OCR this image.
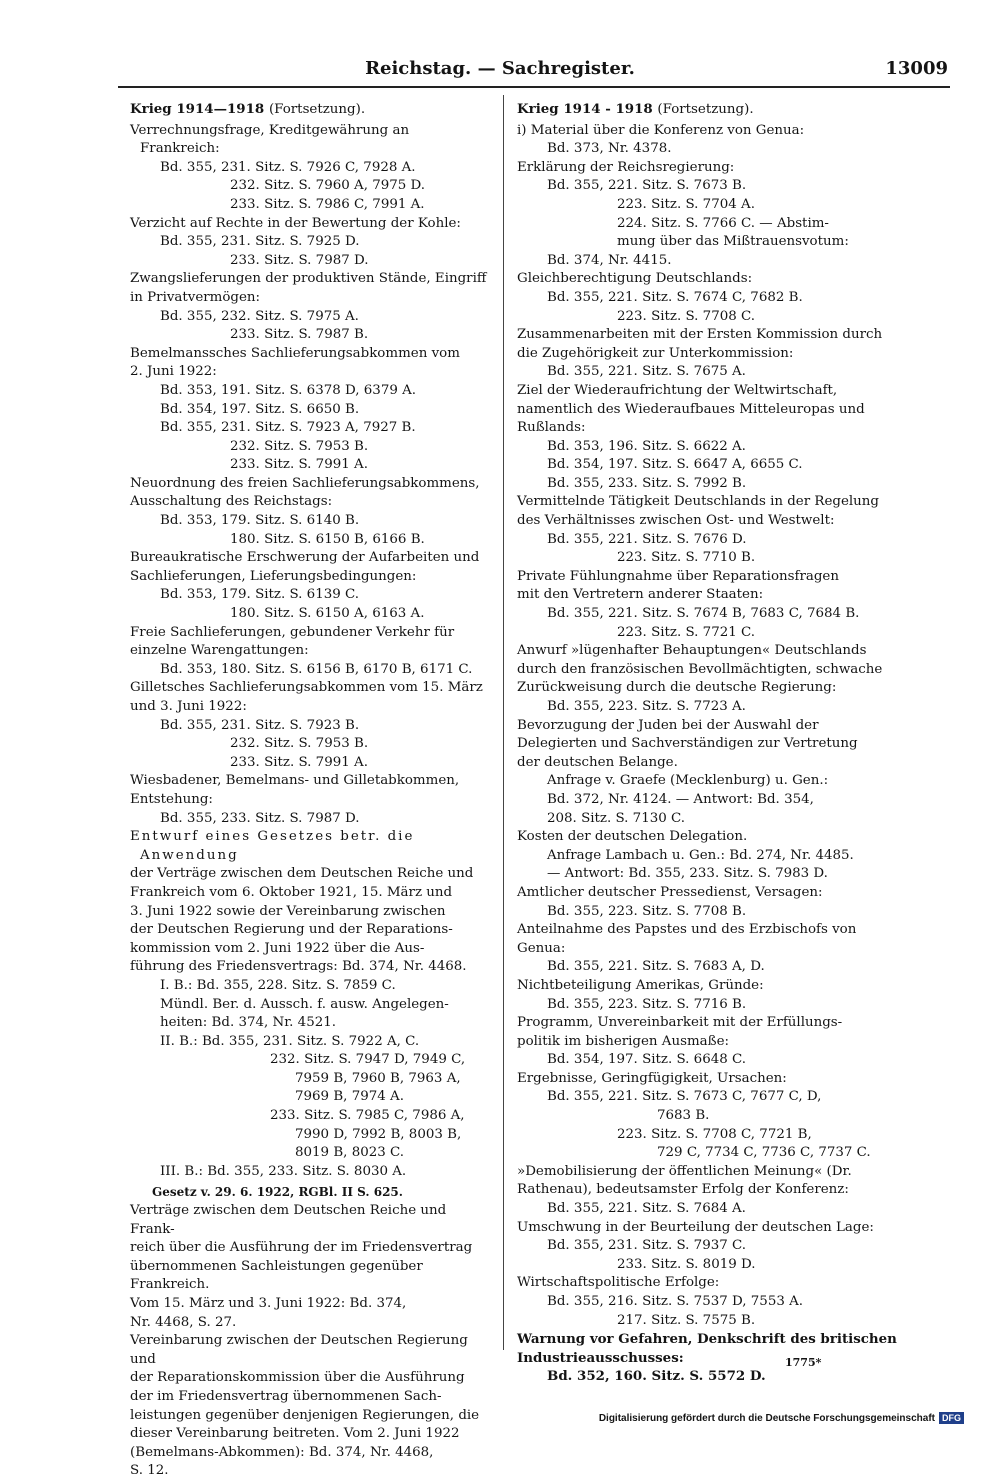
Reichstag. — Sachregister.	13009
Krieg 1914—1918 (Fortsetzung).
Verrechnungsfrage, Kreditgewährung an Frankreich:
Bd. 355, 231. Sitz. S. 7926 C, 7928 A.
232. Sitz. S. 7960 A, 7975 D.
233. Sitz. S. 7986 C, 7991 A.
Verzicht auf Rechte in der Bewertung der Kohle:
Bd. 355, 231. Sitz. S. 7925 D.
233. Sitz. S. 7987 D.
Zwangslieferungen der produktiven Stände, Eingriff
in Privatvermögen:
Bd. 355, 232. Sitz. S. 7975 A.
233. Sitz. S. 7987 B.
Bemelmanssches Sachlieferungsabkommen vom
2. Juni 1922:
Bd. 353, 191. Sitz. S. 6378 D, 6379 A.
Bd. 354, 197. Sitz. S. 6650 B.
Bd. 355, 231. Sitz. S. 7923 A, 7927 B.
232. Sitz. S. 7953 B.
233. Sitz. S. 7991 A.
Neuordnung des freien Sachlieferungsabkommens,
Ausschaltung des Reichstags:
Bd. 353, 179. Sitz. S. 6140 B.
180. Sitz. S. 6150 B, 6166 B.
Bureaukratische Erschwerung der Aufarbeiten und
Sachlieferungen, Lieferungsbedingungen:
Bd. 353, 179. Sitz. S. 6139 C.
180. Sitz. S. 6150 A, 6163 A.
Freie Sachlieferungen, gebundener Verkehr für
einzelne Warengattungen:
Bd. 353, 180. Sitz. S. 6156 B, 6170 B, 6171 C.
Gilletsches Sachlieferungsabkommen vom 15. März
und 3. Juni 1922:
Bd. 355, 231. Sitz. S. 7923 B.
232. Sitz. S. 7953 B.
233. Sitz. S. 7991 A.
Wiesbadener, Bemelmans- und Gilletabkommen,
Entstehung:
Bd. 355, 233. Sitz. S. 7987 D.
Entwurf eines Gesetzes betr. die Anwendung
der Verträge zwischen dem Deutschen Reiche und
Frankreich vom 6. Oktober 1921, 15. März und
3. Juni 1922 sowie der Vereinbarung zwischen
der Deutschen Regierung und der Reparations-
kommission vom 2. Juni 1922 über die Aus-
führung des Friedensvertrags: Bd. 374, Nr. 4468.
I. B.: Bd. 355, 228. Sitz. S. 7859 C.
Mündl. Ber. d. Aussch. f. ausw. Angelegen-
heiten: Bd. 374, Nr. 4521.
II. B.: Bd. 355, 231. Sitz. S. 7922 A, C.
232. Sitz. S. 7947 D, 7949 C,
7959 B, 7960 B, 7963 A,
7969 B, 7974 A.
233. Sitz. S. 7985 C, 7986 A,
7990 D, 7992 B, 8003 B,
8019 B, 8023 C.
III. B.: Bd. 355, 233. Sitz. S. 8030 A.
Gesetz v. 29. 6. 1922, RGBl. II S. 625.
Verträge zwischen dem Deutschen Reiche und Frank-
reich über die Ausführung der im Friedensvertrag
übernommenen Sachleistungen gegenüber Frankreich.
Vom 15. März und 3. Juni 1922: Bd. 374,
Nr. 4468, S. 27.
Vereinbarung zwischen der Deutschen Regierung und
der Reparationskommission über die Ausführung
der im Friedensvertrag übernommenen Sach-
leistungen gegenüber denjenigen Regierungen, die
dieser Vereinbarung beitreten. Vom 2. Juni 1922
(Bemelmans-Abkommen): Bd. 374, Nr. 4468,
S. 12.
Krieg 1914 - 1918 (Fortsetzung).
i) Material über die Konferenz von Genua:
Bd. 373, Nr. 4378.
Erklärung der Reichsregierung:
Bd. 355, 221. Sitz. S. 7673 B.
223. Sitz. S. 7704 A.
224. Sitz. S. 7766 C. — Abstim-
mung über das Mißtrauensvotum:
Bd. 374, Nr. 4415.
Gleichberechtigung Deutschlands:
Bd. 355, 221. Sitz. S. 7674 C, 7682 B.
223. Sitz. S. 7708 C.
Zusammenarbeiten mit der Ersten Kommission durch
die Zugehörigkeit zur Unterkommission:
Bd. 355, 221. Sitz. S. 7675 A.
Ziel der Wiederaufrichtung der Weltwirtschaft,
namentlich des Wiederaufbaues Mitteleuropas und
Rußlands:
Bd. 353, 196. Sitz. S. 6622 A.
Bd. 354, 197. Sitz. S. 6647 A, 6655 C.
Bd. 355, 233. Sitz. S. 7992 B.
Vermittelnde Tätigkeit Deutschlands in der Regelung
des Verhältnisses zwischen Ost- und Westwelt:
Bd. 355, 221. Sitz. S. 7676 D.
223. Sitz. S. 7710 B.
Private Fühlungnahme über Reparationsfragen
mit den Vertretern anderer Staaten:
Bd. 355, 221. Sitz. S. 7674 B, 7683 C, 7684 B.
223. Sitz. S. 7721 C.
Anwurf »lügenhafter Behauptungen« Deutschlands
durch den französischen Bevollmächtigten, schwache
Zurückweisung durch die deutsche Regierung:
Bd. 355, 223. Sitz. S. 7723 A.
Bevorzugung der Juden bei der Auswahl der
Delegierten und Sachverständigen zur Vertretung
der deutschen Belange.
Anfrage v. Graefe (Mecklenburg) u. Gen.:
Bd. 372, Nr. 4124. — Antwort: Bd. 354,
208. Sitz. S. 7130 C.
Kosten der deutschen Delegation.
Anfrage Lambach u. Gen.: Bd. 274, Nr. 4485.
— Antwort: Bd. 355, 233. Sitz. S. 7983 D.
Amtlicher deutscher Pressedienst, Versagen:
Bd. 355, 223. Sitz. S. 7708 B.
Anteilnahme des Papstes und des Erzbischofs von
Genua:
Bd. 355, 221. Sitz. S. 7683 A, D.
Nichtbeteiligung Amerikas, Gründe:
Bd. 355, 223. Sitz. S. 7716 B.
Programm, Unvereinbarkeit mit der Erfüllungs-
politik im bisherigen Ausmaße:
Bd. 354, 197. Sitz. S. 6648 C.
Ergebnisse, Geringfügigkeit, Ursachen:
Bd. 355, 221. Sitz. S. 7673 C, 7677 C, D,
7683 B.
223. Sitz. S. 7708 C, 7721 B,
729 C, 7734 C, 7736 C, 7737 C.
»Demobilisierung der öffentlichen Meinung« (Dr.
Rathenau), bedeutsamster Erfolg der Konferenz:
Bd. 355, 221. Sitz. S. 7684 A.
Umschwung in der Beurteilung der deutschen Lage:
Bd. 355, 231. Sitz. S. 7937 C.
233. Sitz. S. 8019 D.
Wirtschaftspolitische Erfolge:
Bd. 355, 216. Sitz. S. 7537 D, 7553 A.
217. Sitz. S. 7575 B.
Warnung vor Gefahren, Denkschrift des britischen
Industrieausschusses:
Bd. 352, 160. Sitz. S. 5572 D.
1775*
Digitalisierung gefördert durch die Deutsche Forschungsgemeinschaft DFG
